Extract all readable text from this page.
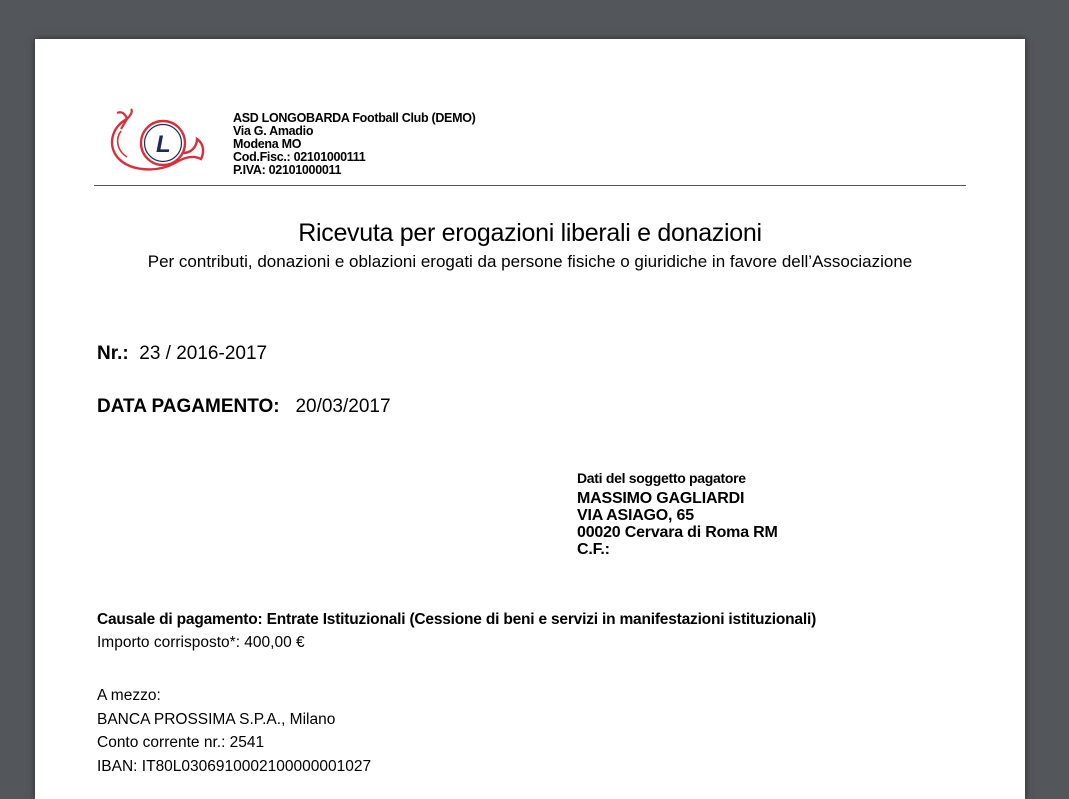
L
ASD LONGOBARDA Football Club (DEMO)
Via G. Amadio
Modena MO
Cod.Fisc.: 02101000111
P.IVA: 02101000011
Ricevuta per erogazioni liberali e donazioni
Per contributi, donazioni e oblazioni erogati da persone fisiche o giuridiche in favore dell’Associazione
Nr.: 23 / 2016-2017
DATA PAGAMENTO: 20/03/2017
Dati del soggetto pagatore
MASSIMO GAGLIARDI
VIA ASIAGO, 65
00020 Cervara di Roma RM
C.F.:
Causale di pagamento: Entrate Istituzionali (Cessione di beni e servizi in manifestazioni istituzionali)
Importo corrisposto*: 400,00 €
A mezzo:
BANCA PROSSIMA S.P.A., Milano
Conto corrente nr.: 2541
IBAN: IT80L0306910002100000001027
